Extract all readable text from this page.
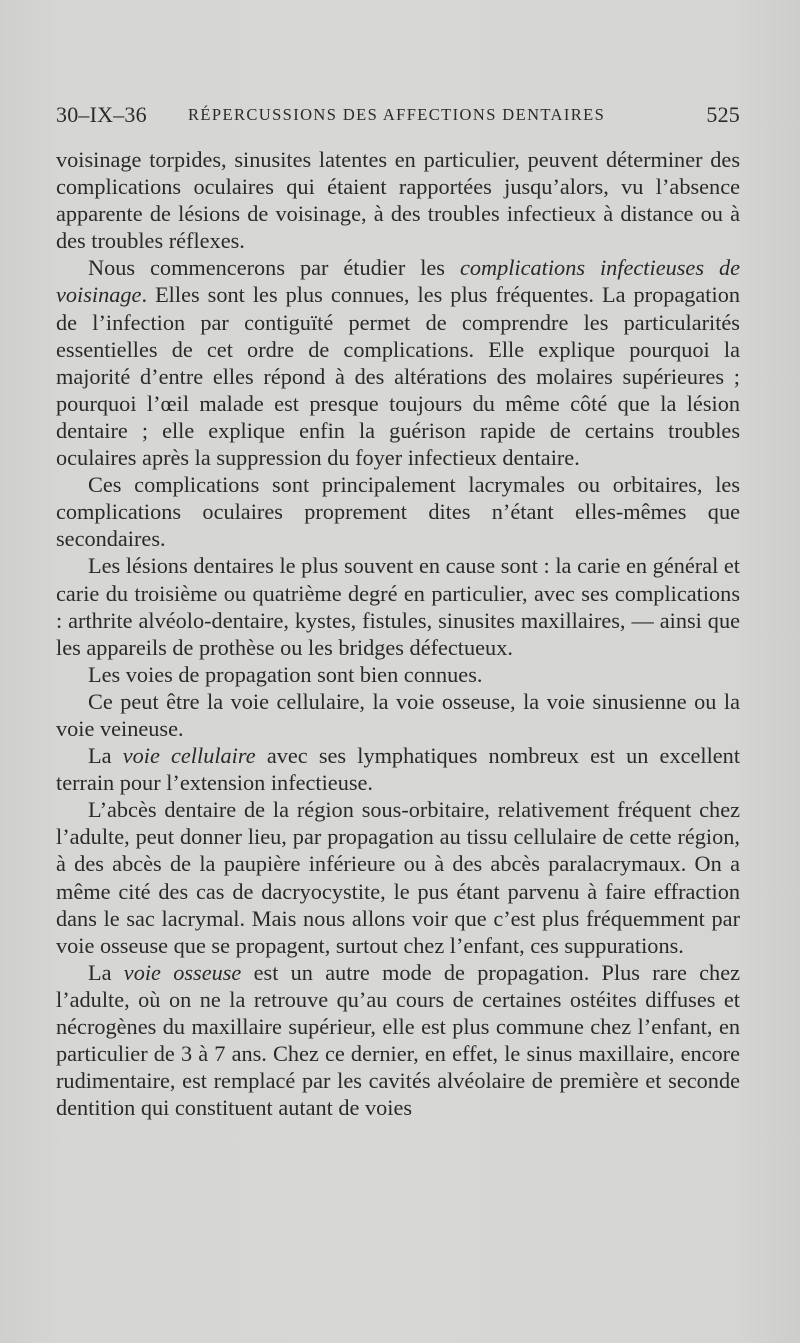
30–IX–36 RÉPERCUSSIONS DES AFFECTIONS DENTAIRES	525

voisinage torpides, sinusites latentes en particulier, peuvent déterminer des complications oculaires qui étaient rapportées jusqu’alors, vu l’absence apparente de lésions de voisinage, à des troubles infectieux à distance ou à des troubles réflexes.

Nous commencerons par étudier les complications infectieuses de voisinage. Elles sont les plus connues, les plus fréquentes. La propagation de l’infection par contiguïté permet de comprendre les particularités essentielles de cet ordre de complications. Elle explique pourquoi la majorité d’entre elles répond à des altérations des molaires supérieures ; pourquoi l’œil malade est presque toujours du même côté que la lésion dentaire ; elle explique enfin la guérison rapide de certains troubles oculaires après la suppression du foyer infectieux dentaire.

Ces complications sont principalement lacrymales ou orbitaires, les complications oculaires proprement dites n’étant elles-mêmes que secondaires.

Les lésions dentaires le plus souvent en cause sont : la carie en général et carie du troisième ou quatrième degré en particulier, avec ses complications : arthrite alvéolo-dentaire, kystes, fistules, sinusites maxillaires, — ainsi que les appareils de prothèse ou les bridges défectueux.

Les voies de propagation sont bien connues.

Ce peut être la voie cellulaire, la voie osseuse, la voie sinusienne ou la voie veineuse.

La voie cellulaire avec ses lymphatiques nombreux est un excellent terrain pour l’extension infectieuse.

L’abcès dentaire de la région sous-orbitaire, relativement fréquent chez l’adulte, peut donner lieu, par propagation au tissu cellulaire de cette région, à des abcès de la paupière inférieure ou à des abcès paralacrymaux. On a même cité des cas de dacryocystite, le pus étant parvenu à faire effraction dans le sac lacrymal. Mais nous allons voir que c’est plus fréquemment par voie osseuse que se propagent, surtout chez l’enfant, ces suppurations.

La voie osseuse est un autre mode de propagation. Plus rare chez l’adulte, où on ne la retrouve qu’au cours de certaines ostéites diffuses et nécrogènes du maxillaire supérieur, elle est plus commune chez l’enfant, en particulier de 3 à 7 ans. Chez ce dernier, en effet, le sinus maxillaire, encore rudimentaire, est remplacé par les cavités alvéolaire de première et seconde dentition qui constituent autant de voies
